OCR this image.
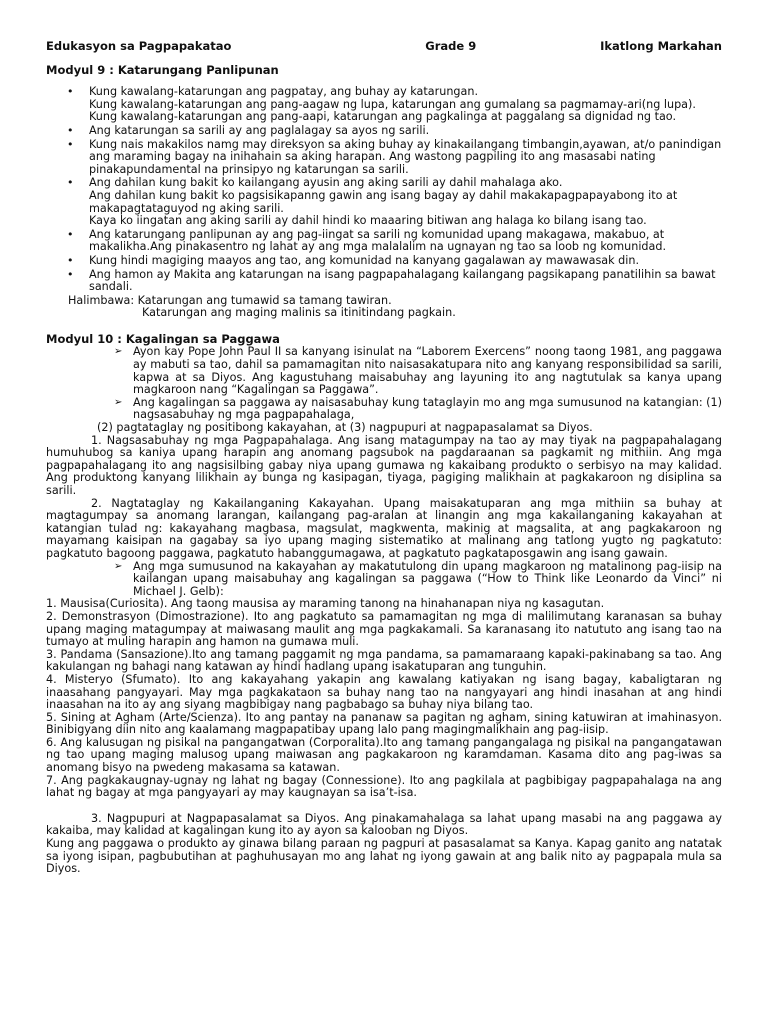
Edukasyon sa Pagpapakatao	Grade 9	Ikatlong Markahan
Modyul 9 : Katarungang Panlipunan
• Kung kawalang-katarungan ang pagpatay, ang buhay ay katarungan.
Kung kawalang-katarungan ang pang-aagaw ng lupa, katarungan ang gumalang sa pagmamay-ari(ng lupa).
Kung kawalang-katarungan ang pang-aapi, katarungan ang pagkalinga at paggalang sa dignidad ng tao.
• Ang katarungan sa sarili ay ang paglalagay sa ayos ng sarili.
• Kung nais makakilos namg may direksyon sa aking buhay ay kinakailangang timbangin,ayawan, at/o panindigan ang maraming bagay na inihahain sa aking harapan. Ang wastong pagpiling ito ang masasabi nating pinakapundamental na prinsipyo ng katarungan sa sarili.
• Ang dahilan kung bakit ko kailangang ayusin ang aking sarili ay dahil mahalaga ako.
Ang dahilan kung bakit ko pagsisikapanng gawin ang isang bagay ay dahil makakapagpapayabong ito at makapagtataguyod ng aking sarili.
Kaya ko iingatan ang aking sarili ay dahil hindi ko maaaring bitiwan ang halaga ko bilang isang tao.
• Ang katarungang panlipunan ay ang pag-iingat sa sarili ng komunidad upang makagawa, makabuo, at makalikha.Ang pinakasentro ng lahat ay ang mga malalalim na ugnayan ng tao sa loob ng komunidad.
• Kung hindi magiging maayos ang tao, ang komunidad na kanyang gagalawan ay mawawasak din.
• Ang hamon ay Makita ang katarungan na isang pagpapahalagang kailangang pagsikapang panatilihin sa bawat sandali.
Halimbawa: Katarungan ang tumawid sa tamang tawiran.
Katarungan ang maging malinis sa itinitindang pagkain.
Modyul 10 : Kagalingan sa Paggawa
➢ Ayon kay Pope John Paul II sa kanyang isinulat na “Laborem Exercens” noong taong 1981, ang paggawa ay mabuti sa tao, dahil sa pamamagitan nito naisasakatupara nito ang kanyang responsibilidad sa sarili, kapwa at sa Diyos. Ang kagustuhang maisabuhay ang layuning ito ang nagtutulak sa kanya upang magkaroon nang “Kagalingan sa Paggawa”.
➢ Ang kagalingan sa paggawa ay naisasabuhay kung tataglayin mo ang mga sumusunod na katangian: (1) nagsasabuhay ng mga pagpapahalaga,
(2) pagtataglay ng positibong kakayahan, at (3) nagpupuri at nagpapasalamat sa Diyos.
1. Nagsasabuhay ng mga Pagpapahalaga. Ang isang matagumpay na tao ay may tiyak na pagpapahalagang humuhubog sa kaniya upang harapin ang anomang pagsubok na pagdaraanan sa pagkamit ng mithiin. Ang mga pagpapahalagang ito ang nagsisilbing gabay niya upang gumawa ng kakaibang produkto o serbisyo na may kalidad. Ang produktong kanyang lilikhain ay bunga ng kasipagan, tiyaga, pagiging malikhain at pagkakaroon ng disiplina sa sarili.
2. Nagtataglay ng Kakailanganing Kakayahan. Upang maisakatuparan ang mga mithiin sa buhay at magtagumpay sa anomang larangan, kailangang pag-aralan at linangin ang mga kakailanganing kakayahan at katangian tulad ng: kakayahang magbasa, magsulat, magkwenta, makinig at magsalita, at ang pagkakaroon ng mayamang kaisipan na gagabay sa iyo upang maging sistematiko at malinang ang tatlong yugto ng pagkatuto: pagkatuto bagoong paggawa, pagkatuto habanggumagawa, at pagkatuto pagkataposgawin ang isang gawain.
➢ Ang mga sumusunod na kakayahan ay makatutulong din upang magkaroon ng matalinong pag-iisip na kailangan upang maisabuhay ang kagalingan sa paggawa (“How to Think like Leonardo da Vinci” ni Michael J. Gelb):
1. Mausisa(Curiosita). Ang taong mausisa ay maraming tanong na hinahanapan niya ng kasagutan.
2. Demonstrasyon (Dimostrazione). Ito ang pagkatuto sa pamamagitan ng mga di malilimutang karanasan sa buhay upang maging matagumpay at maiwasang maulit ang mga pagkakamali. Sa karanasang ito natututo ang isang tao na tumayo at muling harapin ang hamon na gumawa muli.
3. Pandama (Sansazione).Ito ang tamang paggamit ng mga pandama, sa pamamaraang kapaki-pakinabang sa tao. Ang kakulangan ng bahagi nang katawan ay hindi hadlang upang isakatuparan ang tunguhin.
4. Misteryo (Sfumato). Ito ang kakayahang yakapin ang kawalang katiyakan ng isang bagay, kabaligtaran ng inaasahang pangyayari. May mga pagkakataon sa buhay nang tao na nangyayari ang hindi inasahan at ang hindi inaasahan na ito ay ang siyang magbibigay nang pagbabago sa buhay niya bilang tao.
5. Sining at Agham (Arte/Scienza). Ito ang pantay na pananaw sa pagitan ng agham, sining katuwiran at imahinasyon. Binibigyang diin nito ang kaalamang magpapatibay upang lalo pang magingmalikhain ang pag-iisip.
6. Ang kalusugan ng pisikal na pangangatwan (Corporalita).Ito ang tamang pangangalaga ng pisikal na pangangatawan ng tao upang maging malusog upang maiwasan ang pagkakaroon ng karamdaman. Kasama dito ang pag-iwas sa anomang bisyo na pwedeng makasama sa katawan.
7. Ang pagkakaugnay-ugnay ng lahat ng bagay (Connessione). Ito ang pagkilala at pagbibigay pagpapahalaga na ang lahat ng bagay at mga pangyayari ay may kaugnayan sa isa’t-isa.
3. Nagpupuri at Nagpapasalamat sa Diyos. Ang pinakamahalaga sa lahat upang masabi na ang paggawa ay kakaiba, may kalidad at kagalingan kung ito ay ayon sa kalooban ng Diyos.
Kung ang paggawa o produkto ay ginawa bilang paraan ng pagpuri at pasasalamat sa Kanya. Kapag ganito ang natatak sa iyong isipan, pagbubutihan at paghuhusayan mo ang lahat ng iyong gawain at ang balik nito ay pagpapala mula sa Diyos.
